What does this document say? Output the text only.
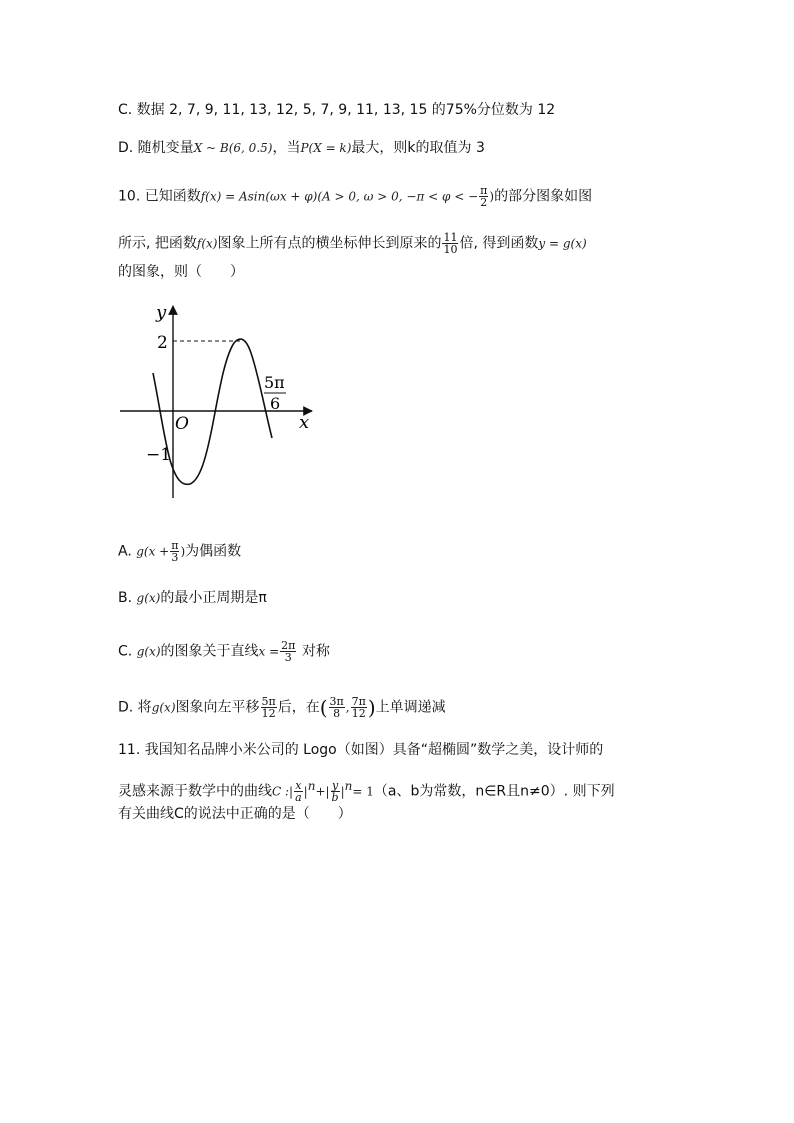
C. 数据 2, 7, 9, 11, 13, 12, 5, 7, 9, 11, 13, 15 的75%分位数为 12
D. 随机变量X ~ B(6, 0.5)，当P(X = k)最大，则k的取值为 3
10. 已知函数f(x) = Asin(ωx + φ)(A > 0, ω > 0, −π < φ < − $\frac{\pi}{2}$ )的部分图象如图
所示, 把函数f(x)图象上所有点的横坐标伸长到原来的 $\frac{11}{10}$ 倍, 得到函数y = g(x)
的图象，则（　　）
y
x
O
2
−1
5π
6
A. $g(x + \frac{\pi}{3}$ )为偶函数
B. g(x)的最小正周期是π
C. g(x)的图象关于直线$x = \frac{2\pi}{3}$ 对称
D. 将g(x)图象向左平移 $\frac{5\pi}{12}$ 后，在( $\frac{3\pi}{8}$ , $\frac{7\pi}{12}$ )上单调递减
11. 我国知名品牌小米公司的 Logo（如图）具备“超椭圆”数学之美，设计师的
灵感来源于数学中的曲线C :| $\frac{x}{a} |^n+| \frac{y}{b} |^n= 1(a$、b为常数，n∈R且n≠0）. 则下列
有关曲线C的说法中正确的是（　　）
